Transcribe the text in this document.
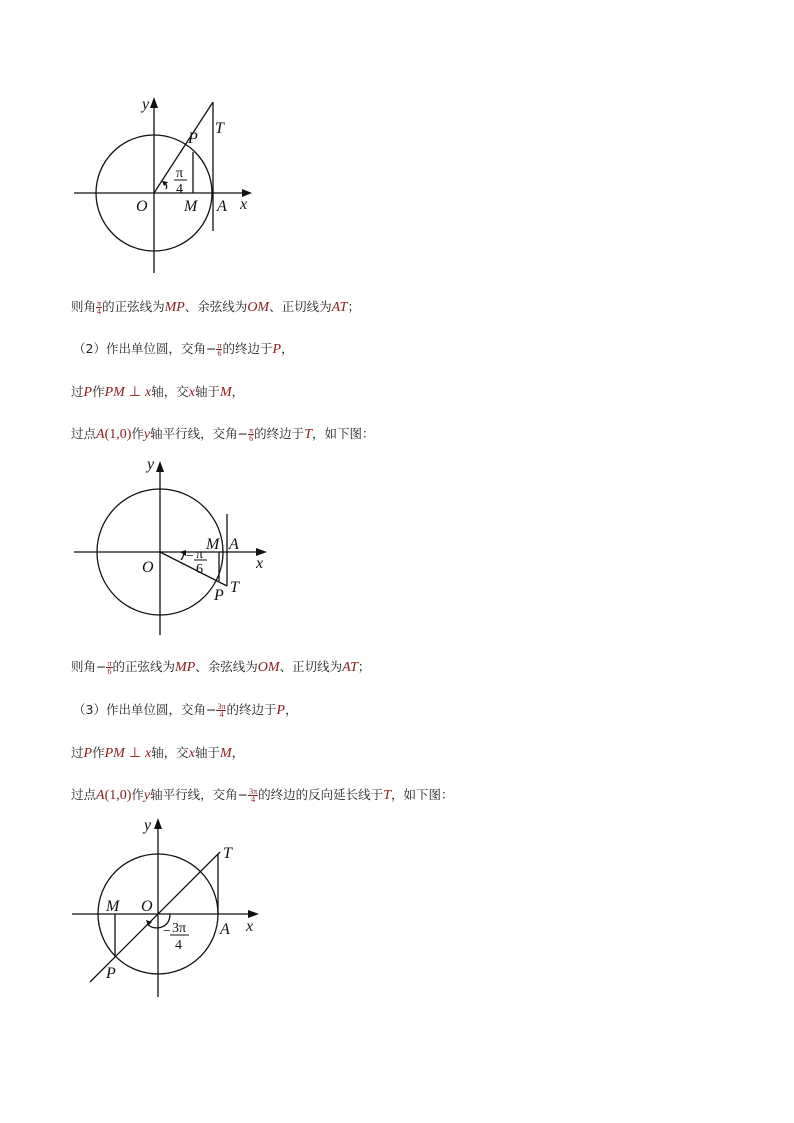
y
x
P
T
O M A
π
4
则角 $\frac{\pi}{4}$ 的正弦线为MP、余弦线为OM、正切线为AT；
（2）作出单位圆，交角− $\frac{\pi}{6}$ 的终边于P，
过P作PM ⊥ x轴，交x轴于M，
过点A(1,0)作y轴平行线，交角− $\frac{\pi}{6}$ 的终边于T，如下图：
y
x
M A
O
T
P
− π
6
则角− $\frac{\pi}{6}$ 的正弦线为MP、余弦线为OM、正切线为AT；
（3）作出单位圆，交角− $\frac{3\pi}{4}$ 的终边于P，
过P作PM ⊥ x轴，交x轴于M，
过点A(1,0)作y轴平行线，交角− $\frac{3\pi}{4}$ 的终边的反向延长线于T，如下图：
y
x
T
M O
A
P
− 3π
4
